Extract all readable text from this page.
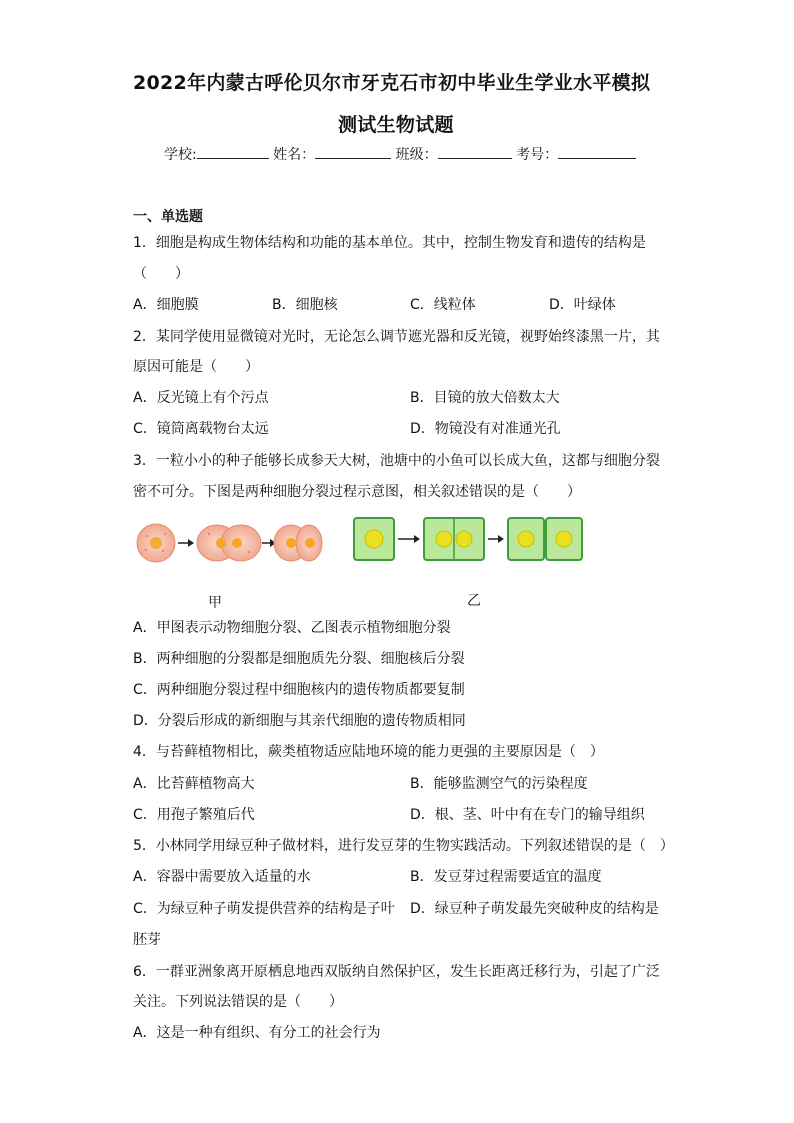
2022年内蒙古呼伦贝尔市牙克石市初中毕业生学业水平模拟
测试生物试题
学校:	姓名：	班级：	考号：
一、单选题
1．细胞是构成生物体结构和功能的基本单位。其中，控制生物发育和遗传的结构是
（　　）
A．细胞膜	B．细胞核	C．线粒体	D．叶绿体
2．某同学使用显微镜对光时，无论怎么调节遮光器和反光镜，视野始终漆黑一片，其
原因可能是（　　）
A．反光镜上有个污点	B．目镜的放大倍数太大
C．镜筒离载物台太远	D．物镜没有对准通光孔
3．一粒小小的种子能够长成参天大树，池塘中的小鱼可以长成大鱼，这都与细胞分裂
密不可分。下图是两种细胞分裂过程示意图，相关叙述错误的是（　　）
甲	乙
A．甲图表示动物细胞分裂、乙图表示植物细胞分裂
B．两种细胞的分裂都是细胞质先分裂、细胞核后分裂
C．两种细胞分裂过程中细胞核内的遗传物质都要复制
D．分裂后形成的新细胞与其亲代细胞的遗传物质相同
4．与苔藓植物相比，蕨类植物适应陆地环境的能力更强的主要原因是（　）
A．比苔藓植物高大	B．能够监测空气的污染程度
C．用孢子繁殖后代	D．根、茎、叶中有在专门的输导组织
5．小林同学用绿豆种子做材料，进行发豆芽的生物实践活动。下列叙述错误的是（　）
A．容器中需要放入适量的水	B．发豆芽过程需要适宜的温度
C．为绿豆种子萌发提供营养的结构是子叶 D．绿豆种子萌发最先突破种皮的结构是
胚芽
6．一群亚洲象离开原栖息地西双版纳自然保护区，发生长距离迁移行为，引起了广泛
关注。下列说法错误的是（　　）
A．这是一种有组织、有分工的社会行为
